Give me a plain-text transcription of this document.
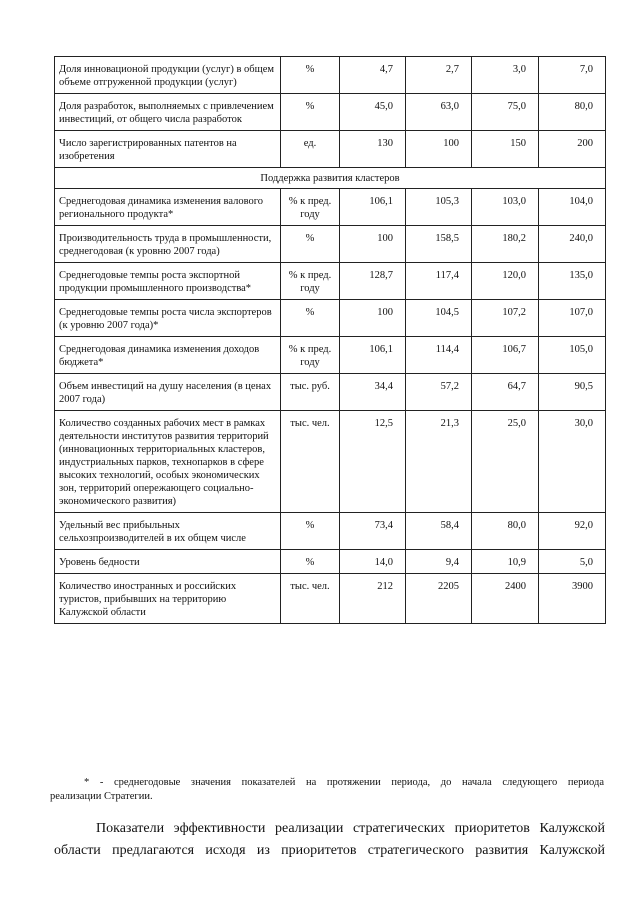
Доля инновационой продукции (услуг) в общем объеме отгруженной продукции (услуг)	%	4,7	2,7	3,0	7,0
Доля разработок, выполняемых с привлечением инвестиций, от общего числа разработок	%	45,0	63,0	75,0	80,0
Число зарегистрированных патентов на изобретения	ед.	130	100	150	200
Поддержка развития кластеров					
Среднегодовая динамика изменения валового регионального продукта*	% к пред. году	106,1	105,3	103,0	104,0
Производительность труда в промышленности, среднегодовая (к уровню 2007 года)	%	100	158,5	180,2	240,0
Среднегодовые темпы роста экспортной продукции промышленного производства*	% к пред. году	128,7	117,4	120,0	135,0
Среднегодовые темпы роста числа экспортеров (к уровню 2007 года)*	%	100	104,5	107,2	107,0
Среднегодовая динамика изменения доходов бюджета*	% к пред. году	106,1	114,4	106,7	105,0
Объем инвестиций на душу населения (в ценах 2007 года)	тыс. руб.	34,4	57,2	64,7	90,5
Количество созданных рабочих мест в рамках деятельности институтов развития территорий (инновационных территориальных кластеров, индустриальных парков, технопарков в сфере высоких технологий, особых экономических зон, территорий опережающего социально-экономического развития)	тыс. чел.	12,5	21,3	25,0	30,0
Удельный вес прибыльных сельхозпроизводителей в их общем числе	%	73,4	58,4	80,0	92,0
Уровень бедности	%	14,0	9,4	10,9	5,0
Количество иностранных и российских туристов, прибывших на территорию Калужской области	тыс. чел.	212	2205	2400	3900
* - среднегодовые значения показателей на протяжении периода, до начала следующего периода
реализации Стратегии.
Показатели эффективности реализации стратегических приоритетов Калужской
области предлагаются исходя из приоритетов стратегического развития Калужской
